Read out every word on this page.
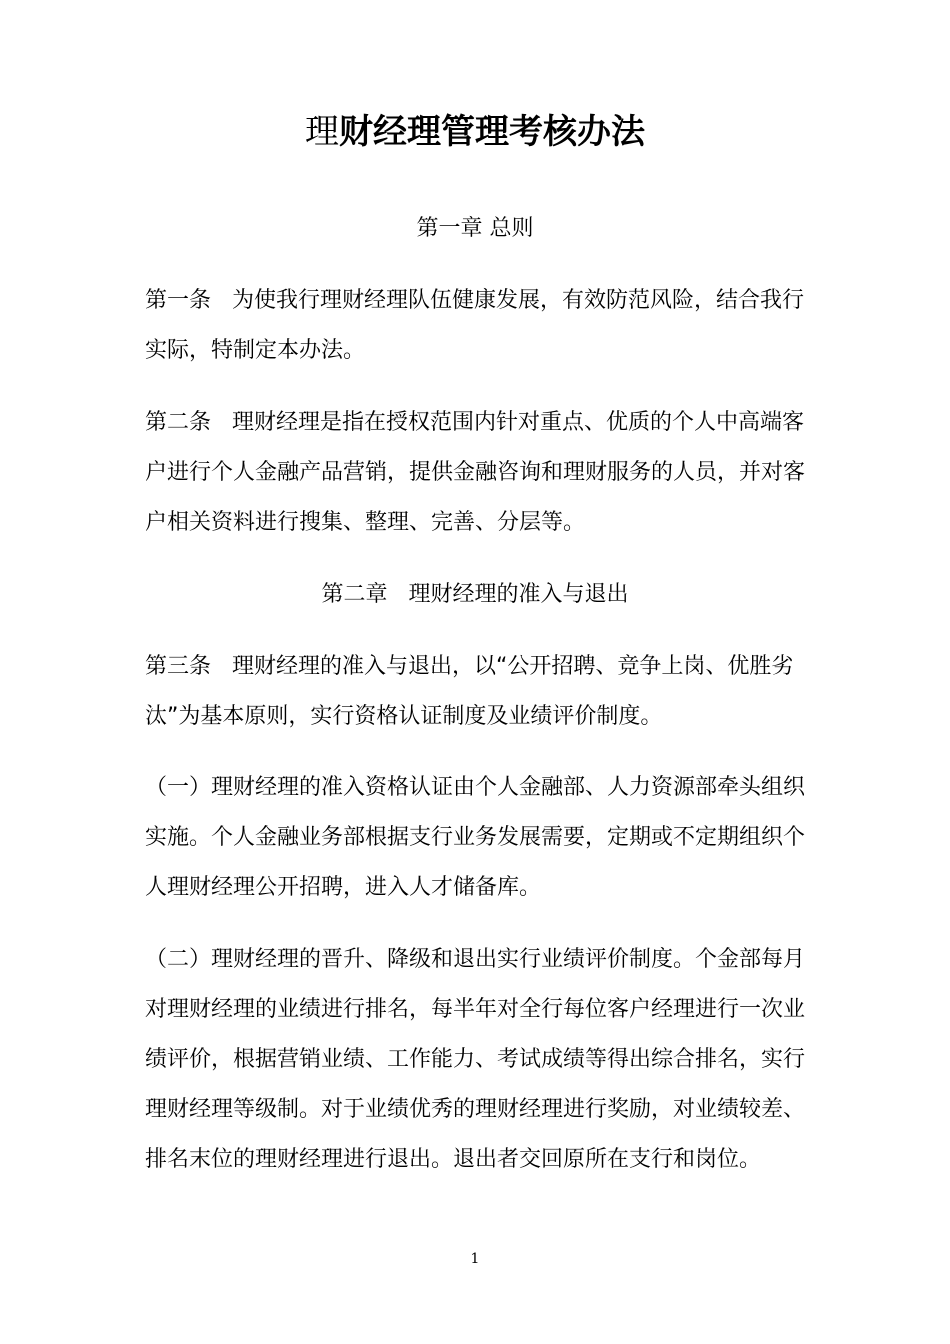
理财经理管理考核办法
第一章 总则
第一条   为使我行理财经理队伍健康发展，有效防范风险，结合我行
实际，特制定本办法。
第二条   理财经理是指在授权范围内针对重点、优质的个人中高端客
户进行个人金融产品营销，提供金融咨询和理财服务的人员，并对客
户相关资料进行搜集、整理、完善、分层等。
第二章   理财经理的准入与退出
第三条   理财经理的准入与退出，以“公开招聘、竞争上岗、优胜劣
汰”为基本原则，实行资格认证制度及业绩评价制度。
（一）理财经理的准入资格认证由个人金融部、人力资源部牵头组织
实施。个人金融业务部根据支行业务发展需要，定期或不定期组织个
人理财经理公开招聘，进入人才储备库。
（二）理财经理的晋升、降级和退出实行业绩评价制度。个金部每月
对理财经理的业绩进行排名，每半年对全行每位客户经理进行一次业
绩评价，根据营销业绩、工作能力、考试成绩等得出综合排名，实行
理财经理等级制。对于业绩优秀的理财经理进行奖励，对业绩较差、
排名末位的理财经理进行退出。退出者交回原所在支行和岗位。
1
